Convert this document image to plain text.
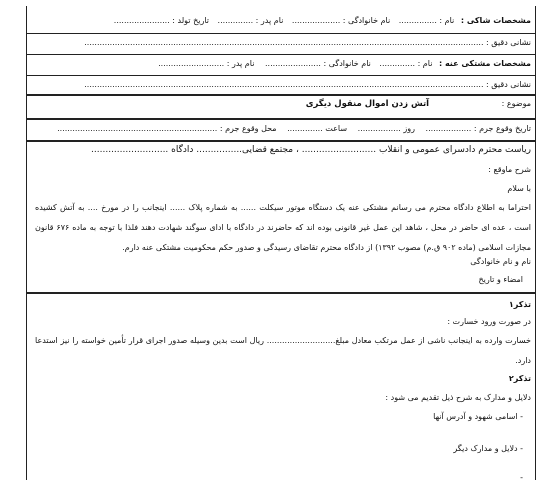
مشخصات شاکی : نام : ............... نام خانوادگی : ................... نام پدر : .............. تاریخ تولد : ......................
نشانی دقیق : .............................................................................................................................................................
مشخصات مشتکی عنه : نام : .............. نام خانوادگی : ...................... نام پدر : ..........................
نشانی دقیق : .............................................................................................................................................................
موضوع : آتش زدن اموال منقول دیگری
تاریخ وقوع جرم : .................. روز ................. ساعت .............. محل وقوع جرم : ...............................................................
ریاست محترم دادسرای عمومی و انقلاب .......................... ، مجتمع قضایی................ دادگاه ...........................
شرح ماوقع :
با سلام
احتراما به اطلاع دادگاه محترم می رسانم مشتکی عنه یک دستگاه موتور سیکلت ...... به شماره پلاک ...... اینجانب را در مورخ .... به آتش کشیده است ، عده ای حاضر در محل ، شاهد این عمل غیر قانونی بوده اند که حاضرند در دادگاه با ادای سوگند شهادت دهند فلذا با توجه به ماده ۶۷۶ قانون مجازات اسلامی (ماده ۹۰۲ ق.م) مصوب ۱۳۹۲) از دادگاه محترم تقاضای رسیدگی و صدور حکم محکومیت مشتکی عنه دارم.
نام و نام خانوادگی
امضاء و تاریخ
تذکر۱
در صورت ورود خسارت :
خسارت وارده به اینجانب ناشی از عمل مرتکب معادل مبلغ........................... ریال است بدین وسیله صدور اجرای قرار تأمین خواسته را نیز استدعا دارد.
تذکر۲
دلایل و مدارک به شرح ذیل تقدیم می شود :
- اسامی شهود و آدرس آنها
- دلایل و مدارک دیگر
-
